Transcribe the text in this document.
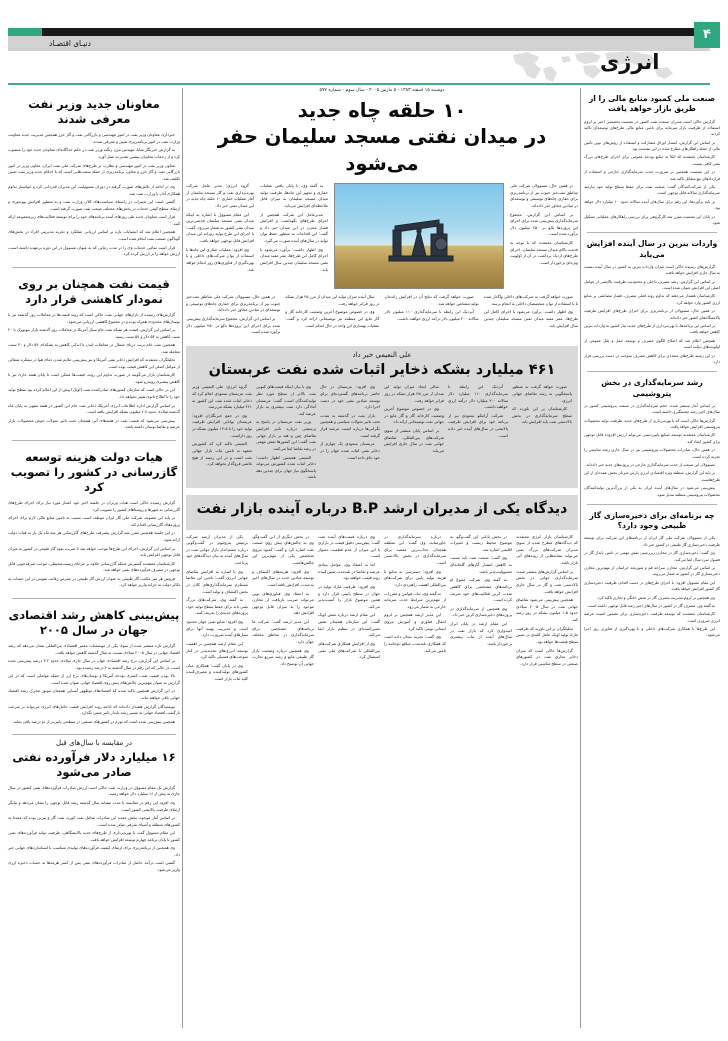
دنیـای اقتصـاد
۴
انرژی
معاونان جدید وزیر نفت معرفی شدند

خبرداری معاونان وزیر نفت در امور مهندسی و بازرگانی نفت و گاز خزر همچنین مدیریت جدید معاونت وزارت نفت در امور برنامه‌ریزی تعیین و معرفی شدند.

به گزارش خبرنگار شانا، مهندس بیژن زنگنه وزیر نفت در حکم جداگانه‌ای معاونان جدید خود را منصوب کرد و از زحمات معاونان پیشین تقدیر به عمل آورد.

معاون وزیر نفت در امور مهندسی و نظارت بر طرح‌های شرکت ملی نفت ایران، معاون وزیر در امور بازرگانی نفت و گاز خزر و معاون برنامه‌ریزی از جمله سمت‌هایی است که با احکام جدید وزیر نفت تعیین تکلیف شد.

وی در ادامه از تلاش‌های صورت گرفته در دوران مسوولیت این مدیران قدردانی کرد و خواستار تداوم همکاری آنان با وزارت نفت شد.

گفتنی است این تغییرات در راستای سیاست‌های کلان وزارت نفت و به منظور افزایش بهره‌وری و ارتقای سطح کیفی خدمات در بخش‌های مختلف صنعت نفت صورت گرفته است.

قرار است معاونان جدید طی روزهای آینده برنامه‌های خود را برای توسعه فعالیت‌های زیرمجموعه ارائه کنند.

همچنین اعلام شد که انتصابات تازه بر اساس ارزیابی عملکرد و تجربه مدیریتی افراد در بخش‌های گوناگون صنعت نفت انجام شده است.

قرار است تمامی خدمات وی را در مدت زمانی که به عنوان مسوول در این دوره برعهده داشته است، ارزش خواهد را بر ارزش کرده کرد.

قیمت نفت همچنان بر روی نمودار کاهشی قرار دارد

گزارش‌های رسیده از بازارهای جهانی نفت حاکی است که روند قیمت‌ها در معاملات روز گذشته نیز با نوسان‌های محدودی همراه بوده و در مجموع کاهشی ارزیابی می‌شود.

بر اساس این گزارش، قیمت هر بشکه نفت خام سبک آمریکا در معاملات روز گذشته بازار نیویورک با ۲۰ سنت کاهش به ۵۳ دلار و ۵۷ سنت رسید.

همچنین نفت خام برنت دریای شمال در معاملات لندن با اندکی کاهش به بشکه‌ای ۵۲ دلار و ۳۰ سنت معامله شد.

تحلیلگران معتقدند که افزایش ذخایر نفتی آمریکا و نیز پیش‌بینی ملایم شدن دمای هوا در نیمکره شمالی از عوامل اصلی این کاهش قیمت بوده است.

کارشناسان بازار می‌گویند در صورت تداوم این روند، قیمت‌ها ممکن است تا پایان هفته جاری نیز با کاهش بیشتری روبه‌رو شود.

این در حالی است که سازمان کشورهای صادرکننده نفت (اوپک) پیش از این اعلام کرده بود سطح تولید خود را تا اطلاع ثانوی تغییر نخواهد داد.

بر اساس گزارش اداره اطلاعات انرژی آمریکا، ذخایر نفت خام این کشور در هفته منتهی به پایان ماه گذشته میلادی حدود ۲.۷ میلیون بشکه افزایش یافته است.

پیش‌بینی می‌شود که قیمت نفت در هفته‌های آتی همچنان تحت تاثیر تحولات خوش محصولات بازار عرضه و تقاضا نوسان داشته باشد.

هیات دولت هزینه توسعه گازرسانی در کشور را تصویب کرد

گزارش رسیده حاکی است هیات وزیران در جلسه اخیر خود اعتبار مورد نیاز برای اجرای طرح‌های گازرسانی به شهرها و روستاهای کشور را تصویب کرد.

بر پایه این مصوبه، شرکت ملی گاز ایران موظف است نسبت به تامین منابع مالی لازم برای اجرای پروژه‌های گازرسانی اقدام کند.

در این جلسه همچنین مقرر شد گزارش پیشرفت طرح‌های گازرسانی هر سه ماه یک بار به هیات دولت ارائه شود.

بر اساس این گزارش، اجرای این طرح‌ها موجب خواهد شد تا ضریب نفوذ گاز طبیعی در کشور به میزان قابل توجهی افزایش یابد.

کارشناسان معتقدند گسترش شبکه گازرسانی علاوه بر مزایای زیست‌محیطی، موجب صرفه‌جویی قابل توجهی در مصرف فرآورده‌های نفتی خواهد شد.

فروش هر متر مکعب گاز طبیعی به عنوان ارزش گاز طبیعی در معرض رقابت تقویتی در این حساب به تکاثر دولت به خزانه واریز خواهد کرد.

پیش‌بینی کاهش رشد اقتصادی جهان در سال ۲۰۰۵

گزارش تازه منتشر شده از سوی یکی از موسسات معتبر اقتصادی بین‌المللی نشان می‌دهد که رشد اقتصاد جهانی در سال ۲۰۰۵ میلادی نسبت به سال گذشته کاهش خواهد یافت.

بر اساس این گزارش، نرخ رشد اقتصادی جهان در سال جاری میلادی حدود ۳.۲ درصد پیش‌بینی شده است، در حالی که این رقم در سال گذشته به ۴ درصد رسیده بود.

بالا بودن قیمت نفت، کسری بودجه آمریکا و نوسان‌های نرخ ارز از جمله عواملی است که در این گزارش به عنوان مهم‌ترین چالش‌های پیش روی اقتصاد جهانی عنوان شده است.

در این گزارش همچنین تاکید شده که اقتصادهای نوظهور آسیایی همچنان موتور محرک رشد اقتصاد جهانی باقی خواهند ماند.

نویسندگان گزارش هشدار داده‌اند که ادامه روند افزایش قیمت حامل‌های انرژی می‌تواند بر سرعت بازگشت اقتصاد جهانی به مسیر رشد پایدار تاثیر منفی بگذارد.

همچنین پیش‌بینی شده است که تورم در کشورهای صنعتی در سطحی پایین‌تر از دو درصد باقی بماند.

در مقایسه با سال‌های قبل
۱۶ میلیارد دلار فرآورده نفتی صادر می‌شود

گزارش یک مقام مسوول در وزارت نفت حاکی است ارزش صادرات فرآورده‌های نفتی کشور در سال جاری به بیش از ۱۶ میلیارد دلار خواهد رسید.

وی افزود این رقم در مقایسه با مدت مشابه سال گذشته رشد قابل توجهی را نشان می‌دهد و بیانگر ارتقای ظرفیت پالایشی کشور است.

بر اساس آمار موجود، بخش عمده این صادرات شامل نفت کوره، نفت گاز و بنزین بوده که عمدتا به کشورهای منطقه و آسیای شرقی صادر شده است.

این مقام مسوول گفت با بهره‌برداری از طرح‌های جدید پالایشگاهی، ظرفیت تولید فرآورده‌های نفتی کشور تا پایان برنامه چهارم توسعه افزایش خواهد یافت.

وی همچنین از برنامه‌ریزی برای ارتقای کیفیت فرآورده‌های تولیدی متناسب با استانداردهای جهانی خبر داد.

گفتنی است درآمد حاصل از صادرات فرآورده‌های نفتی پس از کسر هزینه‌ها به حساب ذخیره ارزی واریز می‌شود.

دوشنبه ۱۵ اسفند ۱۳۸۳ - ۵ مارس ۲۰۰۵ - سال سوم - شماره ۵۷۷
۱۰ حلقه چاه جدید
در میدان نفتی مسجد سلیمان حفر می‌شود

گروه انرژی: مدیر عامل شرکت بهره‌برداری نفت و گاز مسجد سلیمان از آغاز عملیات حفاری ۱۰ حلقه چاه جدید در این میدان نفتی خبر داد.

این مقام مسوول با اشاره به اینکه میدان نفتی مسجد سلیمان قدیمی‌ترین میدان نفتی کشور به شمار می‌رود، گفت: با اجرای این طرح تولید روزانه این میدان افزایش قابل توجهی خواهد یافت.

وی افزود: عملیات حفاری این چاه‌ها با استفاده از توان شرکت‌های داخلی و با بهره‌گیری از فناوری‌های روز انجام خواهد شد.

به گفته وی، با پایان یافتن عملیات حفاری و تجهیز این چاه‌ها، ظرفیت تولید میدان مسجد سلیمان به میزان قابل ملاحظه‌ای افزایش می‌یابد.

مدیرعامل این شرکت همچنین از اجرای طرح‌های نگهداشت و افزایش فشار مخزن در این میدان خبر داد و گفت: این اقدامات به منظور حفظ توان تولید در سال‌های آینده صورت می‌گیرد.

وی اظهار داشت: برآورد می‌شود با اجرای کامل این طرح‌ها، عمر مفید میدان نفتی مسجد سلیمان چندین سال افزایش یابد.

در همین حال، مسوولان شرکت ملی مناطق نفت‌خیز جنوب نیز از برنامه‌ریزی برای حفاری چاه‌های توصیفی و توسعه‌ای در میادین مجاور خبر داده‌اند.

بر اساس این گزارش، مجموع سرمایه‌گذاری پیش‌بینی شده برای اجرای این پروژه‌ها بالغ بر ۲۵۰ میلیون دلار برآورد شده است.

کارشناسان معتقدند که با توجه به قدمت بالای میدان مسجد سلیمان، اجرای طرح‌های ازدیاد برداشت در آن از اولویت ویژه‌ای برخوردار است.

در همین حال، مسوولان شرکت ملی مناطق نفت‌خیز جنوب نیز از برنامه‌ریزی برای حفاری چاه‌های توصیفی و توسعه‌ای در میادین مجاور خبر داده‌اند.

بر اساس این گزارش، مجموع سرمایه‌گذاری پیش‌بینی شده برای اجرای این پروژه‌ها بالغ بر ۲۵۰ میلیون دلار برآورد شده است.

سال آینده میزان تولید این میدان از مرز ۲۵ هزار بشکه در روز فراتر خواهد رفت.

وی در خصوص موضوع آخرین وضعیت کارخانه گاز و گاز مایع این منطقه نیز توضیحاتی ارائه کرد و گفت: عملیات بهسازی این واحد در حال انجام است.

صورت خواهد گرفت که نتایج آن در افزایش راندمان تولید مشخص خواهد شد.

آنزدیک این رابطه با سرمایه‌گذاری ۱۱۰ میلیون دلار سالانه ۲۰۰ میلیون دلار درآمد ارزی خواهند داشت.

صورت خواهد گرفت به شرکت‌های داخلی واگذار شده تا با استفاده از توان متخصصان داخلی به انجام برسد.

وی اظهار داشت: برآورد می‌شود با اجرای کامل این طرح‌ها، عمر مفید میدان نفتی مسجد سلیمان چندین سال افزایش یابد.

علی النعیمی خبر داد
۴۶۱ میلیارد بشکه ذخایر اثبات شده نفت عربستان

گروه انرژی: علی النعیمی وزیر نفت عربستان سعودی اعلام کرد که ذخایر اثبات شده نفت این کشور به ۴۶۱ میلیارد بشکه می‌رسد.

وی در جمع خبرنگاران افزود: عربستان توانایی افزایش ظرفیت تولید خود را تا ۱۲.۵ میلیون بشکه در روز داراست.

النعیمی تاکید کرد که کشورش متعهد به تامین ثبات بازار جهانی نفت است و در این زمینه از هیچ تلاشی فروگذار نخواهد کرد.

وی با بیان اینکه قیمت‌های کنونی نفت بالاتر از سطح مورد نظر تولیدکنندگان است، گفت: عربستان آمادگی دارد نفت بیشتری به بازار عرضه کند.

وزیر نفت عربستان در پاسخ به پرسشی درباره تاثیر افزایش تقاضای چین و هند بر بازار جهانی نفت گفت: این کشورها نقش مهمی در رشد تقاضا ایفا می‌کنند.

النعیمی همچنین اظهار داشت: ذخایر اثبات شده کشورش می‌تواند پاسخگوی نیاز جهان برای چندین دهه باشد.

وی افزود: عربستان در حال حاضر برنامه‌های گسترده‌ای برای توسعه میادین نفتی خود در دست اجرا دارد.

بازار نفت در گذشته به شدت تحت تاثیر تحولات سیاسی و همچنین نگرانی‌ها درباره امنیت عرضه قرار گرفته است.

عربستان سعودی یک چهارم از ذخایر نفتی اثبات شده جهان را در خود جای داده است.

سالی ایجاد میزان تولید این میدان از مرز ۲۵ هزار بشکه در روز فراتر خواهد رفت.

وی در خصوص موضوع آخرین وضعیت کارخانه گاز و گاز مایع در جهانی نفت توضیحاتی ارائه داد.

بر اساس پایان منتشر از سوی شرکت‌های بین‌المللی، تقاضای جهانی نفت در سال جاری افزایش می‌یابد.

آنزدیک این رابطه با سرمایه‌گذاری ۱۱۰ میلیارد دلار سالانه ۲۰۰ میلیارد دلار درآمد ارزی خواهند داشت.

شرکت آرامکو سعودی نیز از برنامه خود برای افزایش ظرفیت پالایشی در سال‌های آینده خبر داده است.

صورت خواهد گرفت به منظور پاسخگویی به رشد تقاضای جهانی انرژی.

کارشناسان بر این باورند که سطح سرمایه‌گذاری در بخش بالادستی نفت باید افزایش یابد.

دیدگاه یکی از مدیران ارشد B.P درباره آینده بازار نفت

یکی از مدیران ارشد شرکت بریتیش پترولیوم در گفت‌وگویی درباره چشم‌انداز بازار جهانی نفت در سال‌های آینده به بیان دیدگاه‌های خود پرداخت.

وی با اشاره به افزایش تقاضای جهانی انرژی گفت: تامین این تقاضا مستلزم سرمایه‌گذاری‌های کلان در بخش اکتشاف و تولید است.

به گفته وی، شرکت‌های بزرگ نفتی باید برای حفظ سطح تولید خود، پروژه‌های جدیدی را تعریف کنند.

وی افزود: منابع نفتی جهان محدود است و مدیریت بهینه آنها برای نسل‌های آینده ضرورت دارد.

این مقام ارشد همچنین بر اهمیت توسعه انرژی‌های تجدیدپذیر در کنار سوخت‌های فسیلی تاکید کرد.

وی در پایان گفت: همکاری میان کشورهای تولیدکننده و مصرف‌کننده کلید ثبات بازار است.

در بخش دیگری از این گفت‌وگو، وی به چالش‌های پیش روی صنعت نفت اشاره کرد و گفت: کمبود نیروی متخصص یکی از مهم‌ترین این چالش‌هاست.

وی افزود: هزینه‌های اکتشاف و توسعه میادین جدید در سال‌های اخیر به شدت افزایش یافته است.

به اعتقاد وی، فناوری‌های نوین می‌تواند ضریب بازیافت از مخازن موجود را به میزان قابل توجهی افزایش دهد.

این مدیر ارشد گفت: شرکت ما برنامه‌های مشخصی برای سرمایه‌گذاری در مناطق مختلف جهان دارد.

وی همچنین درباره وضعیت بازار گاز طبیعی مایع و رشد سریع تجارت جهانی آن توضیح داد.

وی درباره قیمت‌های آینده نفت گفت: پیش‌بینی دقیق قیمت در بازاری با این میزان از عدم قطعیت دشوار است.

اما به اعتقاد وی، عوامل بنیادی عرضه و تقاضا در بلندمدت تعیین‌کننده روند قیمت خواهند بود.

وی افزود: ظرفیت مازاد تولید در جهان در سطح پایینی قرار دارد و همین موضوع بازار را آسیب‌پذیر می‌کند.

این مقام ارشد درباره نقش اوپک گفت: این سازمان همچنان نقش تعیین‌کننده‌ای در تنظیم بازار ایفا می‌کند.

وی از افزایش همکاری شرکت‌های بین‌المللی با شرکت‌های ملی نفتی استقبال کرد.

درباره سرمایه‌گذاری در خاورمیانه، وی گفت: این منطقه همچنان جذاب‌ترین مقصد برای سرمایه‌گذاری در بخش بالادستی است.

وی افزود: دسترسی به منابع با هزینه تولید پایین برای شرکت‌های بین‌المللی اهمیت راهبردی دارد.

به گفته وی، ثبات قوانین و مقررات از مهم‌ترین شرایط جذب سرمایه خارجی به شمار می‌رود.

این مدیر ارشد همچنین بر لزوم انتقال فناوری و آموزش نیروی انسانی بومی تاکید کرد.

وی گفت: تجربه نشان داده است که همکاری بلندمدت منافع دوجانبه را تامین می‌کند.

در بخش پایانی این گفت‌وگو، به موضوع محیط زیست و تغییرات اقلیمی اشاره شد.

وی گفت: صنعت نفت باید نسبت به کاهش انتشار گازهای گلخانه‌ای مسوولیت‌پذیر باشد.

به گفته وی، شرکت متبوع او برنامه‌های مشخصی برای کاهش شدت کربن فعالیت‌های خود تعریف کرده است.

وی همچنین از سرمایه‌گذاری در پروژه‌های ذخیره‌سازی کربن خبر داد.

این مقام ارشد در پایان ابراز امیدواری کرد که بازار نفت در سال‌های آینده از ثبات بیشتری برخوردار باشد.

کارشناسان بازار انرژی معتقدند که دیدگاه‌های مطرح شده از سوی مدیران شرکت‌های بزرگ نفتی می‌تواند نشانه‌هایی از روندهای آتی بازار باشد.

بر اساس گزارش‌های منتشر شده، سرمایه‌گذاری جهانی در بخش بالادستی نفت و گاز در سال جاری افزایش خواهد یافت.

همچنین پیش‌بینی می‌شود تقاضای جهانی نفت در سال ۲۰۰۵ میلادی حدود ۱.۵ میلیون بشکه در روز رشد کند.

تحلیلگران بر این باورند که ظرفیت مازاد تولید اوپک عامل کلیدی در تعیین سطح قیمت‌ها خواهد بود.

گزارش‌ها حاکی است که میزان ذخایر تجاری نفت در کشورهای صنعتی در سطح مناسبی قرار دارد.

صنعت ملی کمبود منابع مالی را از طریق بازار خواهد یافت

گزارش حاکی است مدیران صنعت نفت کشور در نشست تخصصی اخیر بر لزوم استفاده از ظرفیت بازار سرمایه برای تامین منابع مالی طرح‌های توسعه‌ای تاکید کردند.

بر اساس این گزارش، انتشار اوراق مشارکت و استفاده از روش‌های نوین تامین مالی از جمله راهکارهای مطرح شده در این نشست بود.

کارشناسان معتقدند که اتکا به منابع بودجه عمومی برای اجرای طرح‌های بزرگ نفتی کافی نیست.

در این نشست همچنین بر ضرورت جذب سرمایه‌گذاری خارجی و استفاده از قراردادهای بیع متقابل تاکید شد.

یکی از شرکت‌کنندگان گفت: صنعت نفت برای حفظ سطح تولید خود نیازمند سرمایه‌گذاری سالانه قابل توجهی است.

بر پایه برآوردها، این رقم برای سال‌های آینده سالانه حدود ۱۰ میلیارد دلار خواهد بود.

در پایان این نشست مقرر شد کارگروهی برای بررسی راهکارهای عملیاتی تشکیل شود.

واردات بنزین در سال آینده افزایش می‌یابد

گزارش‌های رسیده حاکی است میزان واردات بنزین به کشور در سال آینده نسبت به سال جاری افزایش خواهد یافت.

بر اساس این گزارش، رشد مصرف داخلی و محدودیت ظرفیت پالایشی از عوامل اصلی این افزایش عنوان شده است.

کارشناسان هشدار می‌دهند که تداوم روند فعلی مصرف، فشار مضاعفی بر منابع ارزی کشور وارد خواهد کرد.

در همین حال، مسوولان از برنامه‌ریزی برای اجرای طرح‌های افزایش ظرفیت پالایشگاه‌های کشور خبر داده‌اند.

بر اساس این برنامه‌ها، با بهره‌برداری از طرح‌های جدید، نیاز کشور به واردات بنزین کاهش خواهد یافت.

همچنین اعلام شد که اصلاح الگوی مصرف و توسعه حمل و نقل عمومی از اولویت‌های دولت است.

در این زمینه طرح‌های متعددی برای کاهش مصرف سوخت در دست بررسی قرار دارد.

رشد سرمایه‌گذاری در بخش پتروشیمی

بر اساس آمار منتشر شده، حجم سرمایه‌گذاری در صنعت پتروشیمی کشور در سال‌های اخیر رشد چشمگیری داشته است.

گزارش‌ها حاکی است که با بهره‌برداری از طرح‌های جدید، ظرفیت تولید محصولات پتروشیمی افزایش خواهد یافت.

کارشناسان معتقدند توسعه صنایع پایین‌دستی می‌تواند ارزش افزوده قابل توجهی برای کشور ایجاد کند.

در همین حال، صادرات محصولات پتروشیمی نیز در سال جاری رشد مناسبی را تجربه کرده است.

مسوولان این صنعت از جذب سرمایه‌گذاری خارجی در پروژه‌های جدید خبر داده‌اند.

بر پایه این گزارش، منطقه ویژه اقتصادی انرژی پارس میزبان بخش عمده‌ای از این طرح‌هاست.

پیش‌بینی می‌شود در سال‌های آینده ایران به یکی از بزرگ‌ترین تولیدکنندگان محصولات پتروشیمی منطقه تبدیل شود.

چه برنامه‌ای برای ذخیره‌سازی گاز طبیعی وجود دارد؟

یکی از مسوولان شرکت ملی گاز ایران از برنامه‌های این شرکت برای توسعه ظرفیت ذخیره‌سازی گاز طبیعی در کشور خبر داد.

وی گفت: ذخیره‌سازی گاز در مخازن زیرزمینی نقش مهمی در تامین پایدار گاز در فصول سرد سال ایفا می‌کند.

بر اساس این گزارش، مخازن سراجه قم و شوریجه خراسان از مهم‌ترین مخازن ذخیره‌سازی گاز در کشور به شمار می‌روند.

این مقام مسوول افزود: با اجرای طرح‌های در دست اقدام، ظرفیت ذخیره‌سازی گاز کشور افزایش خواهد یافت.

وی همچنین بر لزوم مدیریت مصرف گاز در بخش خانگی و تجاری تاکید کرد.

به گفته وی، مصرف گاز در کشور در سال‌های اخیر رشد قابل توجهی داشته است.

کارشناسان معتقدند که توسعه ظرفیت ذخیره‌سازی برای تضمین امنیت عرضه انرژی ضروری است.

این طرح‌ها با همکاری شرکت‌های داخلی و با بهره‌گیری از فناوری روز اجرا می‌شود.
